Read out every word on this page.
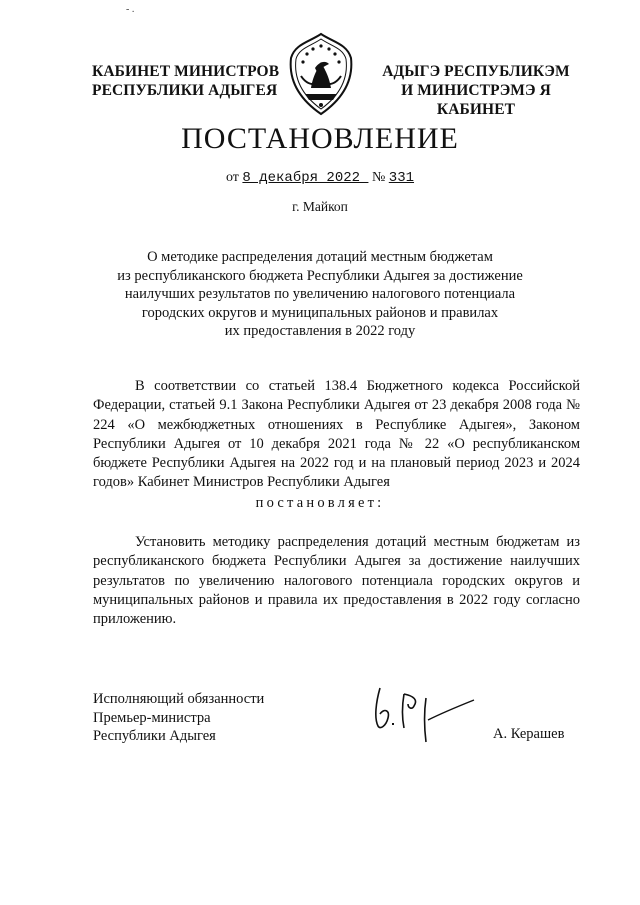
- .
КАБИНЕТ МИНИСТРОВ
РЕСПУБЛИКИ АДЫГЕЯ
АДЫГЭ РЕСПУБЛИКЭМ
И МИНИСТРЭМЭ Я КАБИНЕТ
ПОСТАНОВЛЕНИЕ
от 8 декабря 2022  № 331
г. Майкоп
О методике распределения дотаций местным бюджетам
из республиканского бюджета Республики Адыгея за достижение
наилучших результатов по увеличению налогового потенциала
городских округов и муниципальных районов и правилах
их предоставления в 2022 году
В соответствии со статьей 138.4 Бюджетного кодекса Российской Федерации, статьей 9.1 Закона Республики Адыгея от 23 декабря 2008 года № 224 «О межбюджетных отношениях в Республике Адыгея», Законом Республики Адыгея от 10 декабря 2021 года № 22 «О республиканском бюджете Республики Адыгея на 2022 год и на плановый период 2023 и 2024 годов» Кабинет Министров Республики Адыгея
постановляет:
Установить методику распределения дотаций местным бюджетам из республиканского бюджета Республики Адыгея за достижение наилучших результатов по увеличению налогового потенциала городских округов и муниципальных районов и правила их предоставления в 2022 году согласно приложению.
Исполняющий обязанности
Премьер-министра
Республики Адыгея	А. Керашев
